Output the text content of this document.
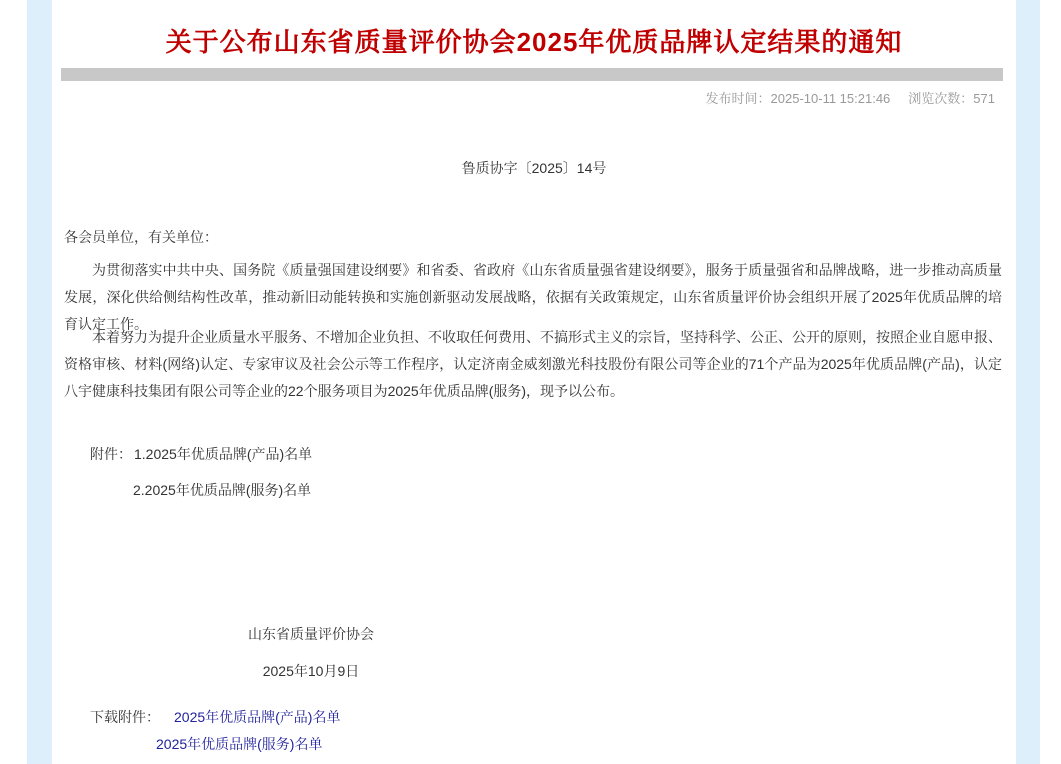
关于公布山东省质量评价协会2025年优质品牌认定结果的通知
发布时间：2025-10-11 15:21:46 浏览次数：571
鲁质协字〔2025〕14号
各会员单位，有关单位：

为贯彻落实中共中央、国务院《质量强国建设纲要》和省委、省政府《山东省质量强省建设纲要》，服务于质量强省和品牌战略，进一步推动高质量发展，深化供给侧结构性改革，推动新旧动能转换和实施创新驱动发展战略，依据有关政策规定，山东省质量评价协会组织开展了2025年优质品牌的培育认定工作。

本着努力为提升企业质量水平服务、不增加企业负担、不收取任何费用、不搞形式主义的宗旨，坚持科学、公正、公开的原则，按照企业自愿申报、资格审核、材料(网络)认定、专家审议及社会公示等工作程序，认定济南金威刻激光科技股份有限公司等企业的71个产品为2025年优质品牌(产品)，认定八宇健康科技集团有限公司等企业的22个服务项目为2025年优质品牌(服务)，现予以公布。

附件： 1.2025年优质品牌(产品)名单
2.2025年优质品牌(服务)名单
山东省质量评价协会
2025年10月9日
下载附件： 2025年优质品牌(产品)名单
2025年优质品牌(服务)名单
